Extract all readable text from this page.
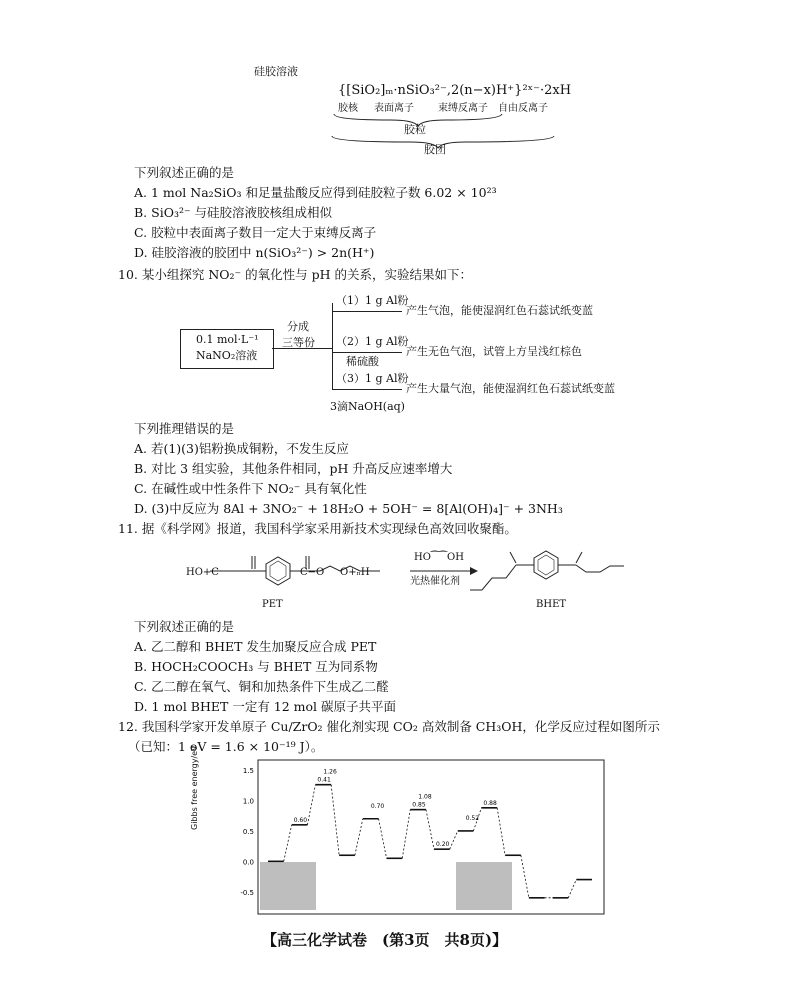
硅胶溶液
{[SiO₂]ₘ·nSiO₃²⁻,2(n−x)H⁺}²ˣ⁻·2xH
胶核 表面离子 束缚反离子 自由反离子
胶粒
胶团
下列叙述正确的是
A. 1 mol Na₂SiO₃ 和足量盐酸反应得到硅胶粒子数 6.02 × 10²³
B. SiO₃²⁻ 与硅胶溶液胶核组成相似
C. 胶粒中表面离子数目一定大于束缚反离子
D. 硅胶溶液的胶团中 n(SiO₃²⁻) > 2n(H⁺)
10. 某小组探究 NO₂⁻ 的氧化性与 pH 的关系，实验结果如下：
0.1 mol·L⁻¹
NaNO₂溶液
分成
三等份
（1）1 g Al粉
产生气泡，能使湿润红色石蕊试纸变蓝
（2）1 g Al粉
稀硫酸
产生无色气泡，试管上方呈浅红棕色
（3）1 g Al粉
3滴NaOH(aq)
产生大量气泡，能使湿润红色石蕊试纸变蓝
下列推理错误的是
A. 若(1)(3)铝粉换成铜粉，不发生反应
B. 对比 3 组实验，其他条件相同，pH 升高反应速率增大
C. 在碱性或中性条件下 NO₂⁻ 具有氧化性
D. (3)中反应为 8Al + 3NO₂⁻ + 18H₂O + 5OH⁻ = 8[Al(OH)₄]⁻ + 3NH₃
11. 据《科学网》报道，我国科学家采用新技术实现绿色高效回收聚酯。
HO+C	C−O O+ₙH
HO⁀⁀OH
光热催化剂
PET	BHET
下列叙述正确的是
A. 乙二醇和 BHET 发生加聚反应合成 PET
B. HOCH₂COOCH₃ 与 BHET 互为同系物
C. 乙二醇在氧气、铜和加热条件下生成乙二醛
D. 1 mol BHET 一定有 12 mol 碳原子共平面
12. 我国科学家开发单原子 Cu/ZrO₂ 催化剂实现 CO₂ 高效制备 CH₃OH，化学反应过程如图所示
（已知：1 eV = 1.6 × 10⁻¹⁹ J）。
1.5
1.0
0.5
0.0
-0.5
0.60
1.26
0.41
0.70	0.85
1.08
0.88
0.52
0.20
Gibbs free energy/eV
【高三化学试卷　(第3页　共8页)】
